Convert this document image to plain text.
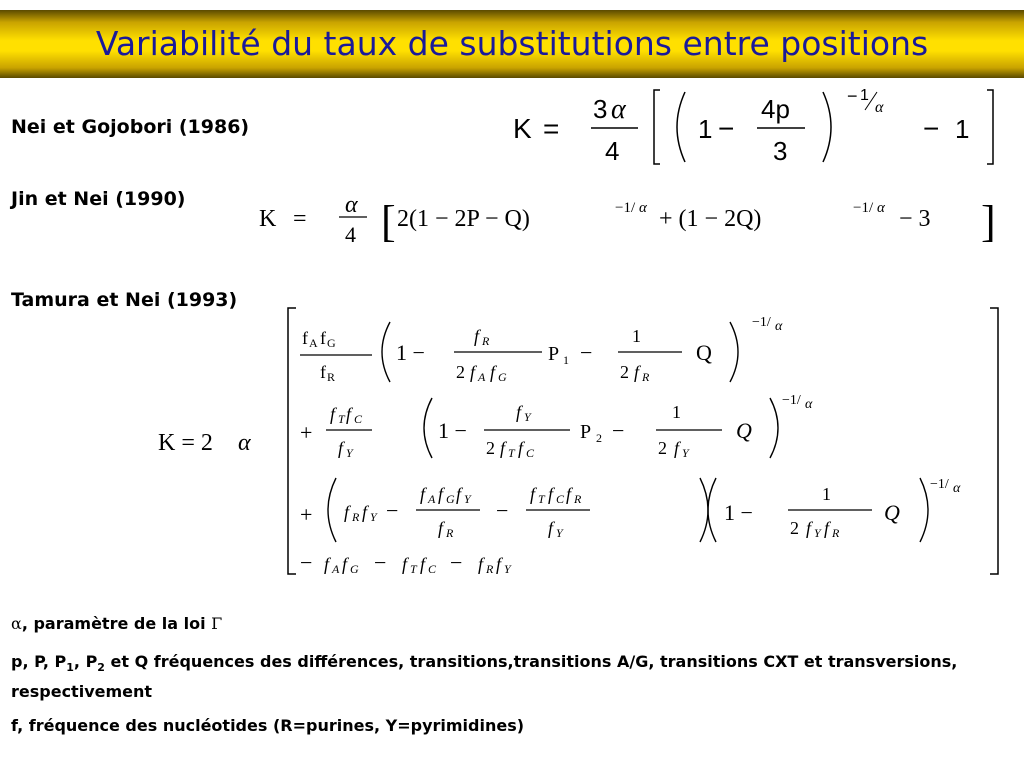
Variabilité du taux de substitutions entre positions
Nei et Gojobori (1986)
Jin et Nei (1990)
Tamura et Nei (1993)
K =
3 α
4
1 −
4p
3
− 1
α
− 1
K =
α
4 [ 2(1 − 2P − Q)	−1/ α + (1 − 2Q)	−1/ α − 3 ]
K = 2 α
f A f G
f R
1 −
f R
2 f A f G
P 1 −
1
2 f R
Q
−1/ α
+
f T f C
f Y
1 −
f Y
2 f T f C
P 2 −
1
2 f Y
Q
−1/ α
+ f R f Y −
f A f G f Y
f R
−
f T f C f R
f Y
1 −
1
2 f Y f R
Q
−1/ α
− f A f G − f T f C − f R f Y
α, paramètre de la loi Γ
p, P, $P_1$, $P_2$ et Q fréquences des différences, transitions,transitions A/G, transitions CXT et transversions, respectivement
f, fréquence des nucléotides (R=purines, Y=pyrimidines)
